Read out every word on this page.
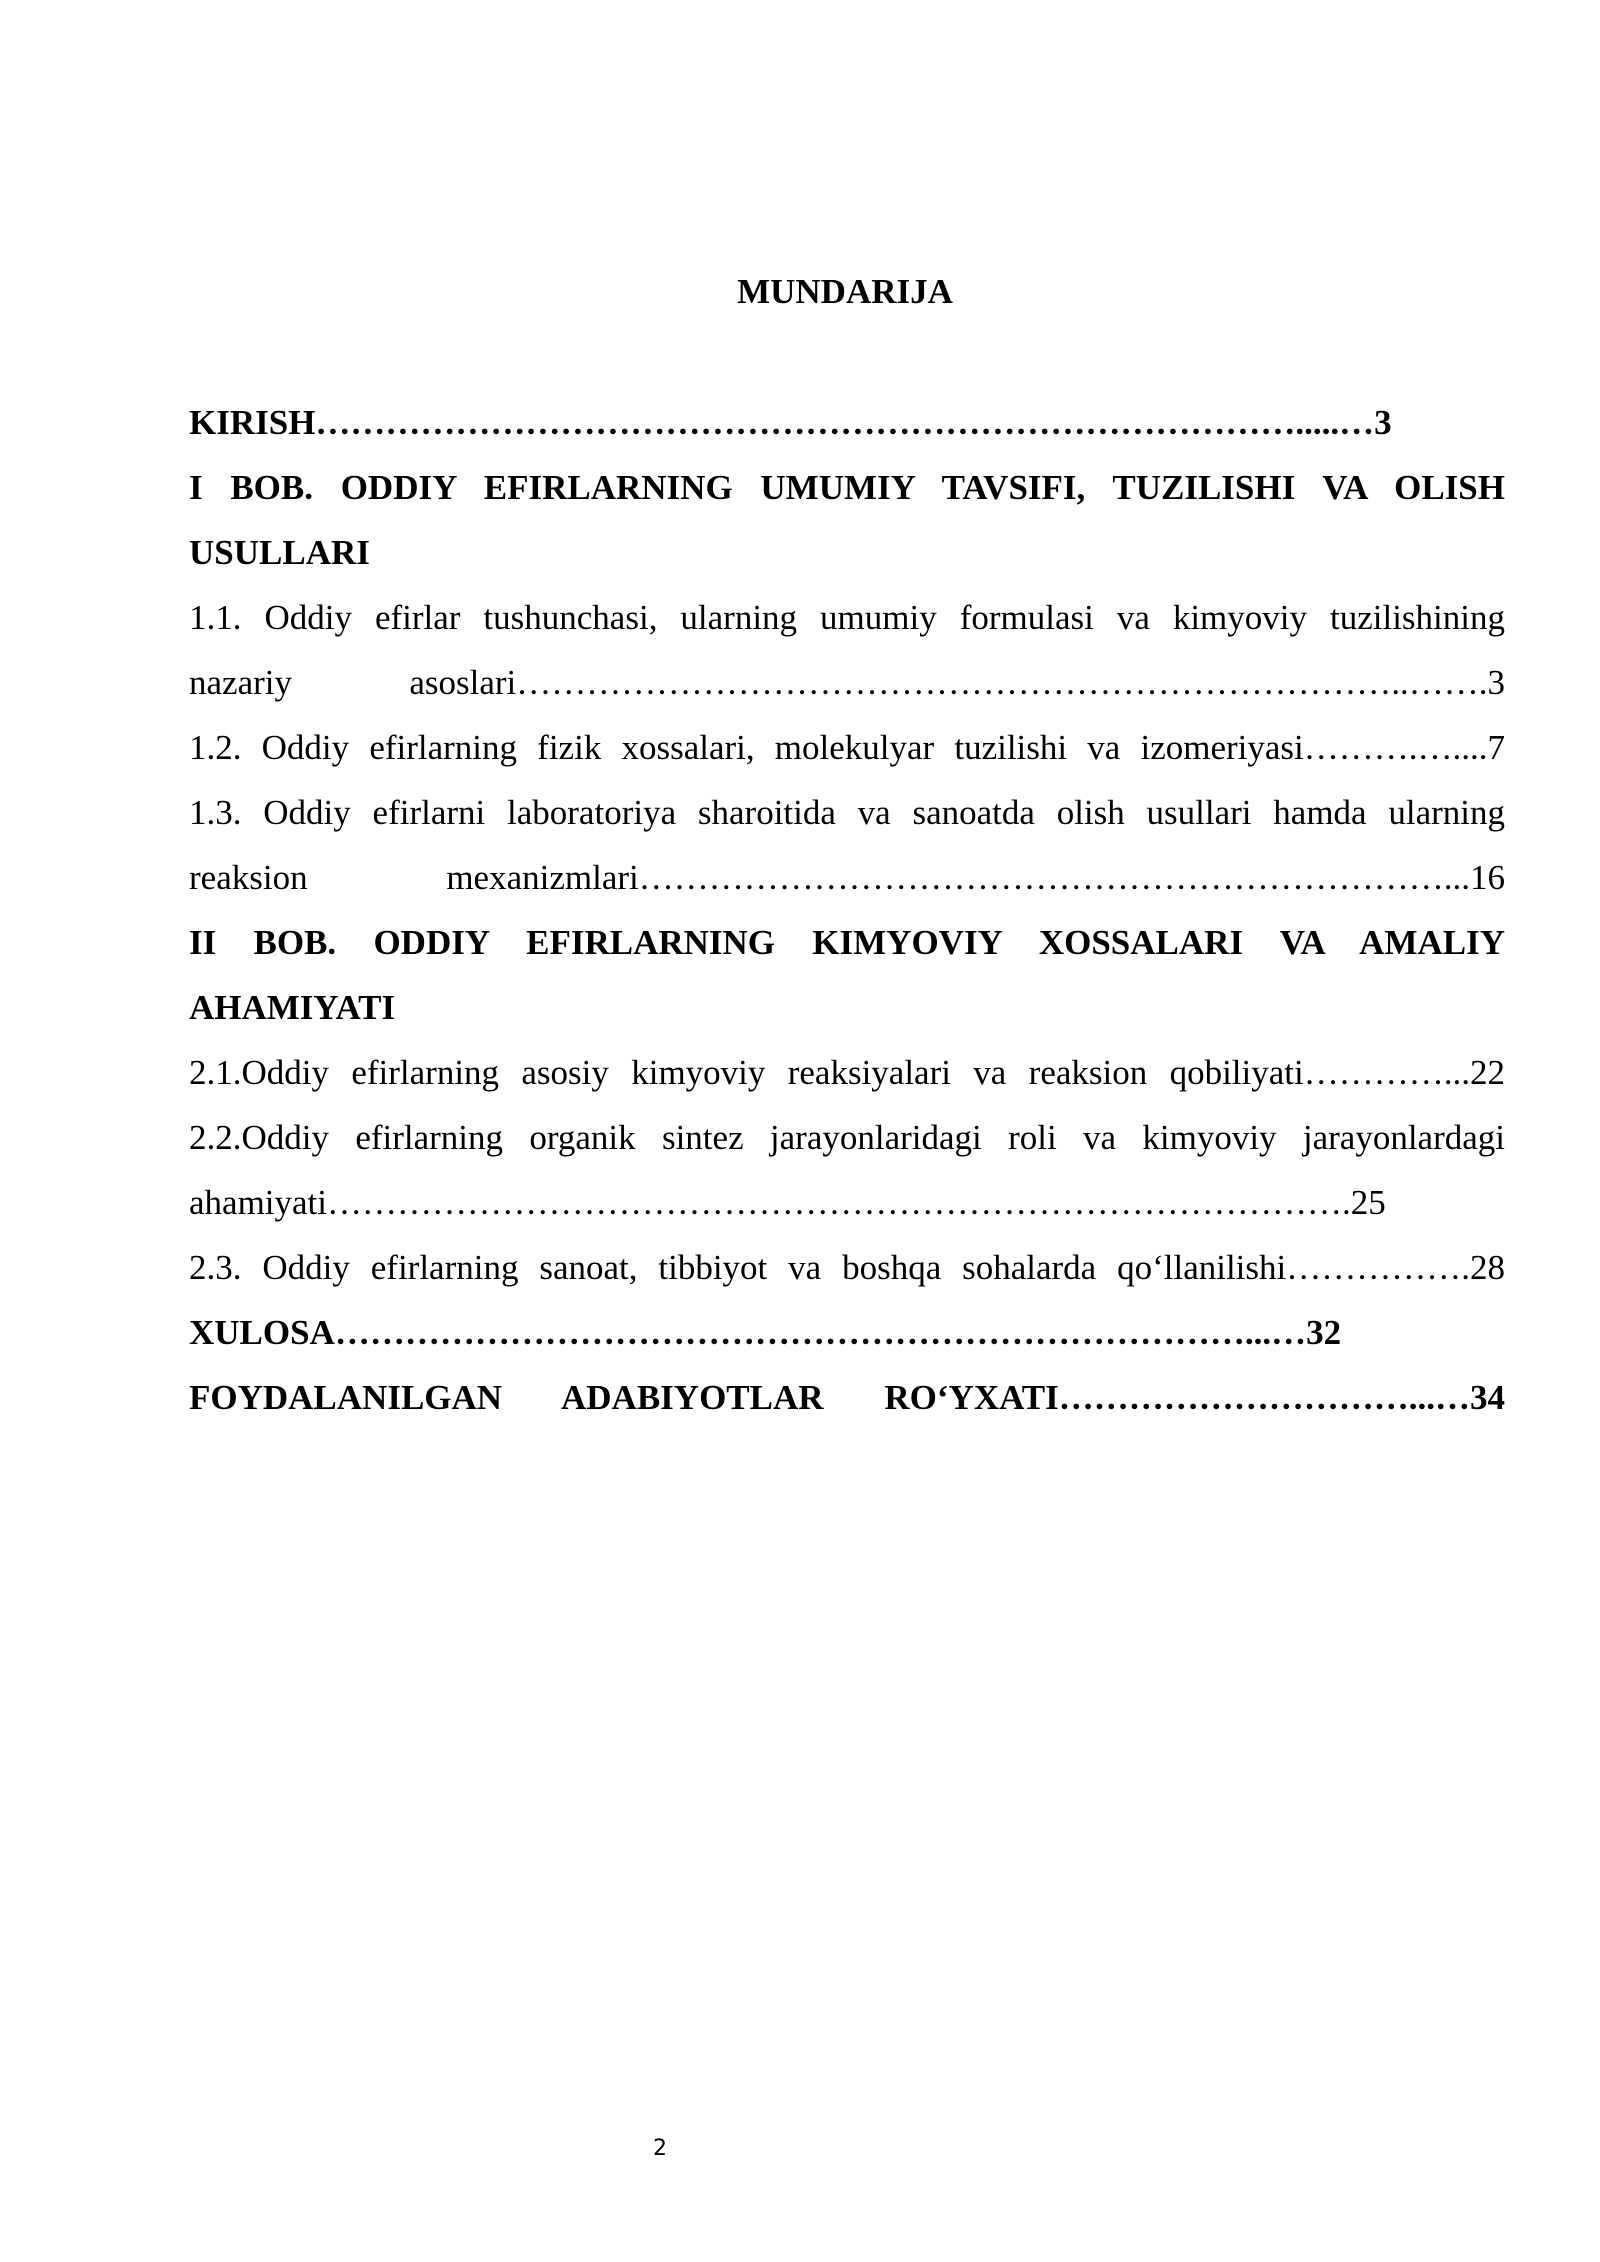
MUNDARIJA
KIRISH………………………………………………………………………….....…3
I BOB. ODDIY EFIRLARNING UMUMIY TAVSIFI, TUZILISHI VA OLISH
USULLARI
1.1. Oddiy efirlar tushunchasi, ularning umumiy formulasi va kimyoviy tuzilishining
nazariy asoslari…………………………………………………………………..…….3
1.2. Oddiy efirlarning fizik xossalari, molekulyar tuzilishi va izomeriyasi……….…....7
1.3. Oddiy efirlarni laboratoriya sharoitida va sanoatda olish usullari hamda ularning
reaksion mexanizmlari……………………………………………………………...16
II BOB. ODDIY EFIRLARNING KIMYOVIY XOSSALARI VA AMALIY
AHAMIYATI
2.1.Oddiy efirlarning asosiy kimyoviy reaksiyalari va reaksion qobiliyati…………...22
2.2.Oddiy efirlarning organik sintez jarayonlaridagi roli va kimyoviy jarayonlardagi
ahamiyati…………………………………………………………………………….25
2.3. Oddiy efirlarning sanoat, tibbiyot va boshqa sohalarda qo‘llanilishi…………….28
XULOSA……………………………………………………………………...…32
FOYDALANILGAN ADABIYOTLAR RO‘YXATI…………………………...…34
2
